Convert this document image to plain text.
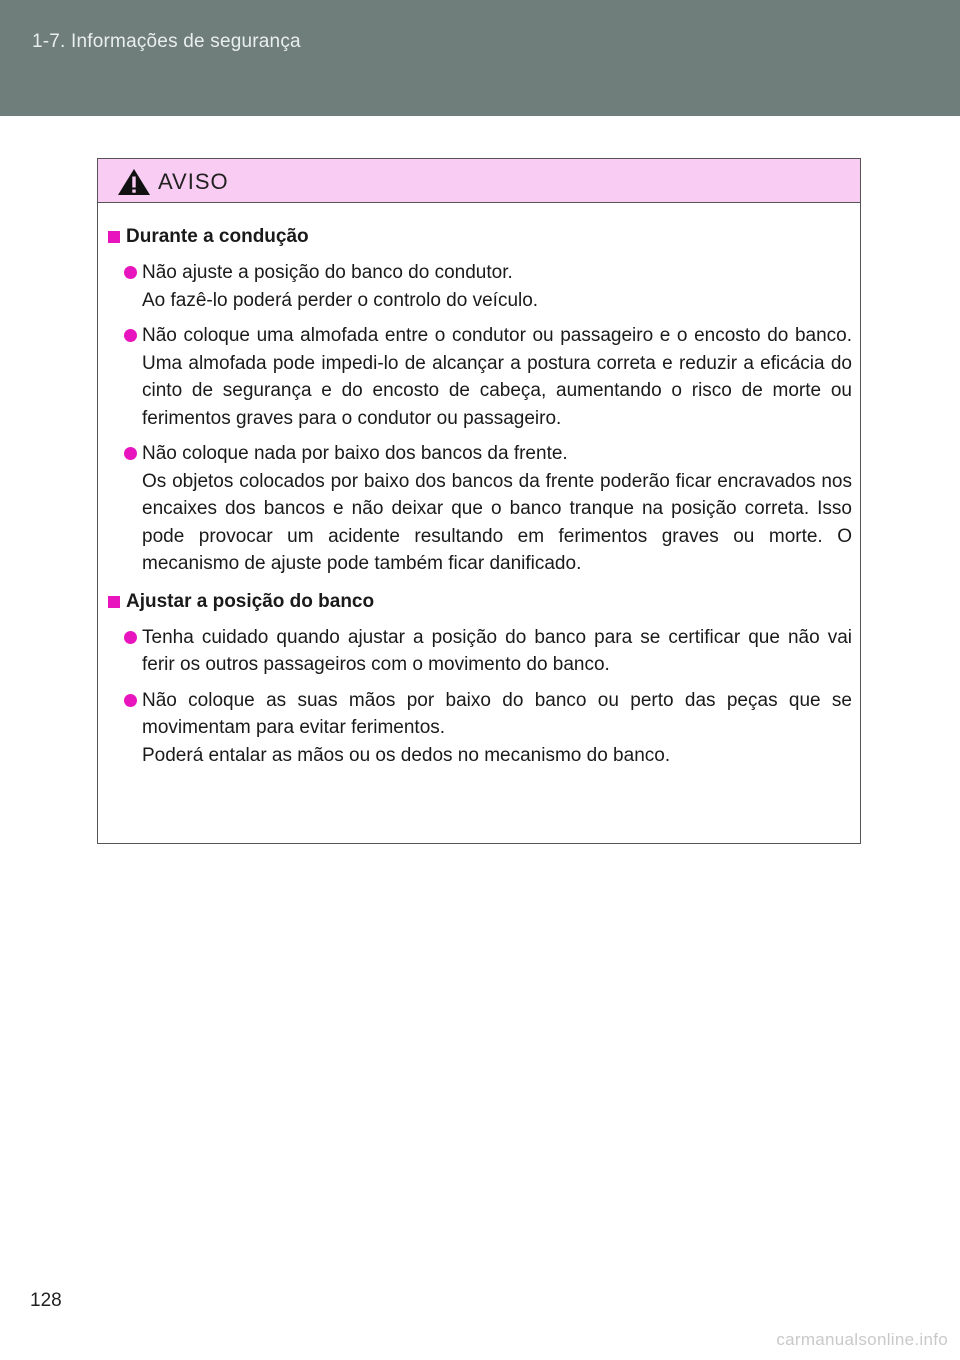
1-7. Informações de segurança
AVISO
Durante a condução

Não ajuste a posição do banco do condutor.

Ao fazê-lo poderá perder o controlo do veículo.

Não coloque uma almofada entre o condutor ou passageiro e o encosto do banco. Uma almofada pode impedi-lo de alcançar a postura correta e reduzir a eficácia do cinto de segurança e do encosto de cabeça, aumentando o risco de morte ou ferimentos graves para o condutor ou passageiro.

Não coloque nada por baixo dos bancos da frente.

Os objetos colocados por baixo dos bancos da frente poderão ficar encravados nos encaixes dos bancos e não deixar que o banco tranque na posição correta. Isso pode provocar um acidente resultando em ferimentos graves ou morte. O mecanismo de ajuste pode também ficar danificado.

Ajustar a posição do banco

Tenha cuidado quando ajustar a posição do banco para se certificar que não vai ferir os outros passageiros com o movimento do banco.

Não coloque as suas mãos por baixo do banco ou perto das peças que se movimentam para evitar ferimentos.

Poderá entalar as mãos ou os dedos no mecanismo do banco.

128
carmanualsonline.info
